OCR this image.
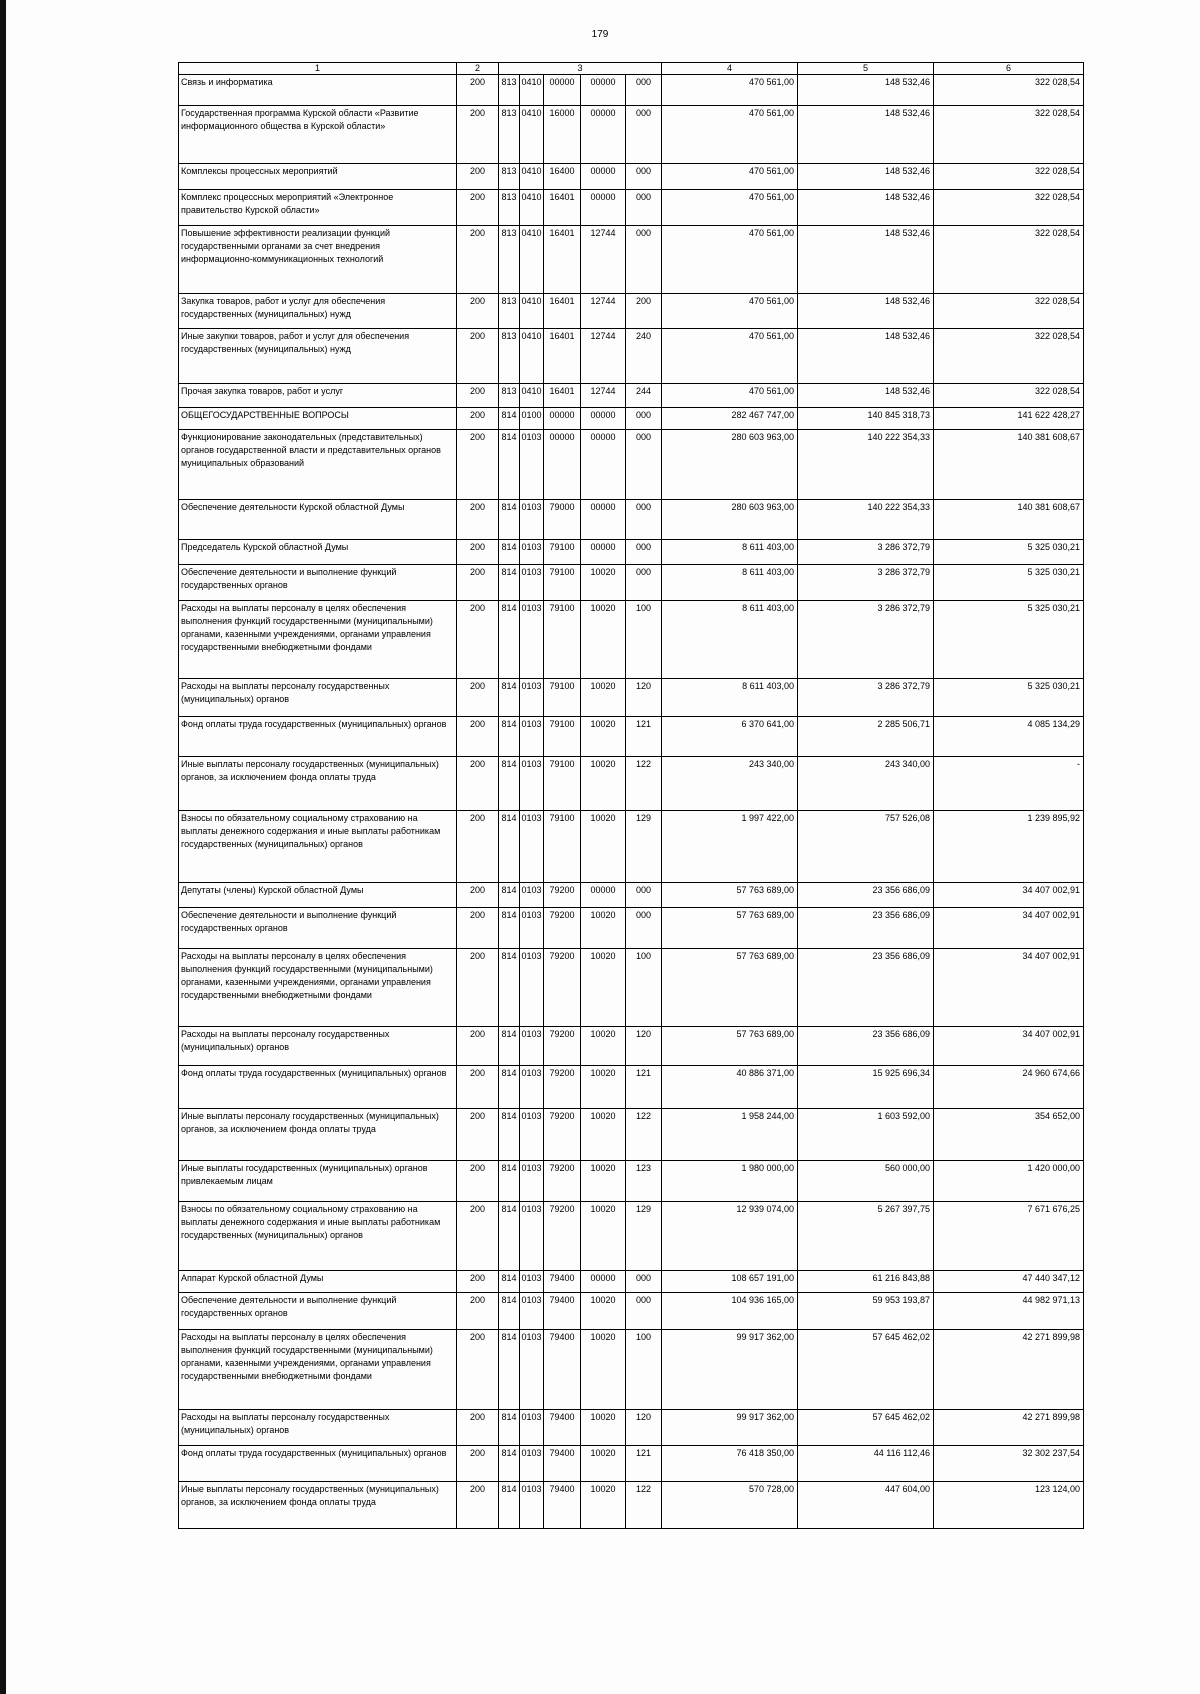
179
1	2	3					4	5	6
Связь и информатика	200	813	0410	00000	00000	000	470 561,00	148 532,46	322 028,54
Государственная программа Курской области «Развитие информационного общества в Курской области»	200	813	0410	16000	00000	000	470 561,00	148 532,46	322 028,54
Комплексы процессных мероприятий	200	813	0410	16400	00000	000	470 561,00	148 532,46	322 028,54
Комплекс процессных мероприятий «Электронное правительство Курской области»	200	813	0410	16401	00000	000	470 561,00	148 532,46	322 028,54
Повышение эффективности реализации функций государственными органами за счет внедрения информационно-коммуникационных технологий	200	813	0410	16401	12744	000	470 561,00	148 532,46	322 028,54
Закупка товаров, работ и услуг для обеспечения государственных (муниципальных) нужд	200	813	0410	16401	12744	200	470 561,00	148 532,46	322 028,54
Иные закупки товаров, работ и услуг для обеспечения государственных (муниципальных) нужд	200	813	0410	16401	12744	240	470 561,00	148 532,46	322 028,54
Прочая закупка товаров, работ и услуг	200	813	0410	16401	12744	244	470 561,00	148 532,46	322 028,54
ОБЩЕГОСУДАРСТВЕННЫЕ ВОПРОСЫ	200	814	0100	00000	00000	000	282 467 747,00	140 845 318,73	141 622 428,27
Функционирование законодательных (представительных) органов государственной власти и представительных органов муниципальных образований	200	814	0103	00000	00000	000	280 603 963,00	140 222 354,33	140 381 608,67
Обеспечение деятельности Курской областной Думы	200	814	0103	79000	00000	000	280 603 963,00	140 222 354,33	140 381 608,67
Председатель Курской областной Думы	200	814	0103	79100	00000	000	8 611 403,00	3 286 372,79	5 325 030,21
Обеспечение деятельности и выполнение функций государственных органов	200	814	0103	79100	10020	000	8 611 403,00	3 286 372,79	5 325 030,21
Расходы на выплаты персоналу в целях обеспечения выполнения функций государственными (муниципальными) органами, казенными учреждениями, органами управления государственными внебюджетными фондами	200	814	0103	79100	10020	100	8 611 403,00	3 286 372,79	5 325 030,21
Расходы на выплаты персоналу государственных (муниципальных) органов	200	814	0103	79100	10020	120	8 611 403,00	3 286 372,79	5 325 030,21
Фонд оплаты труда государственных (муниципальных) органов	200	814	0103	79100	10020	121	6 370 641,00	2 285 506,71	4 085 134,29
Иные выплаты персоналу государственных (муниципальных) органов, за исключением фонда оплаты труда	200	814	0103	79100	10020	122	243 340,00	243 340,00	-
Взносы по обязательному социальному страхованию на выплаты денежного содержания и иные выплаты работникам государственных (муниципальных) органов	200	814	0103	79100	10020	129	1 997 422,00	757 526,08	1 239 895,92
Депутаты (члены) Курской областной Думы	200	814	0103	79200	00000	000	57 763 689,00	23 356 686,09	34 407 002,91
Обеспечение деятельности и выполнение функций государственных органов	200	814	0103	79200	10020	000	57 763 689,00	23 356 686,09	34 407 002,91
Расходы на выплаты персоналу в целях обеспечения выполнения функций государственными (муниципальными) органами, казенными учреждениями, органами управления государственными внебюджетными фондами	200	814	0103	79200	10020	100	57 763 689,00	23 356 686,09	34 407 002,91
Расходы на выплаты персоналу государственных (муниципальных) органов	200	814	0103	79200	10020	120	57 763 689,00	23 356 686,09	34 407 002,91
Фонд оплаты труда государственных (муниципальных) органов	200	814	0103	79200	10020	121	40 886 371,00	15 925 696,34	24 960 674,66
Иные выплаты персоналу государственных (муниципальных) органов, за исключением фонда оплаты труда	200	814	0103	79200	10020	122	1 958 244,00	1 603 592,00	354 652,00
Иные выплаты государственных (муниципальных) органов привлекаемым лицам	200	814	0103	79200	10020	123	1 980 000,00	560 000,00	1 420 000,00
Взносы по обязательному социальному страхованию на выплаты денежного содержания и иные выплаты работникам государственных (муниципальных) органов	200	814	0103	79200	10020	129	12 939 074,00	5 267 397,75	7 671 676,25
Аппарат Курской областной Думы	200	814	0103	79400	00000	000	108 657 191,00	61 216 843,88	47 440 347,12
Обеспечение деятельности и выполнение функций государственных органов	200	814	0103	79400	10020	000	104 936 165,00	59 953 193,87	44 982 971,13
Расходы на выплаты персоналу в целях обеспечения выполнения функций государственными (муниципальными) органами, казенными учреждениями, органами управления государственными внебюджетными фондами	200	814	0103	79400	10020	100	99 917 362,00	57 645 462,02	42 271 899,98
Расходы на выплаты персоналу государственных (муниципальных) органов	200	814	0103	79400	10020	120	99 917 362,00	57 645 462,02	42 271 899,98
Фонд оплаты труда государственных (муниципальных) органов	200	814	0103	79400	10020	121	76 418 350,00	44 116 112,46	32 302 237,54
Иные выплаты персоналу государственных (муниципальных) органов, за исключением фонда оплаты труда	200	814	0103	79400	10020	122	570 728,00	447 604,00	123 124,00
